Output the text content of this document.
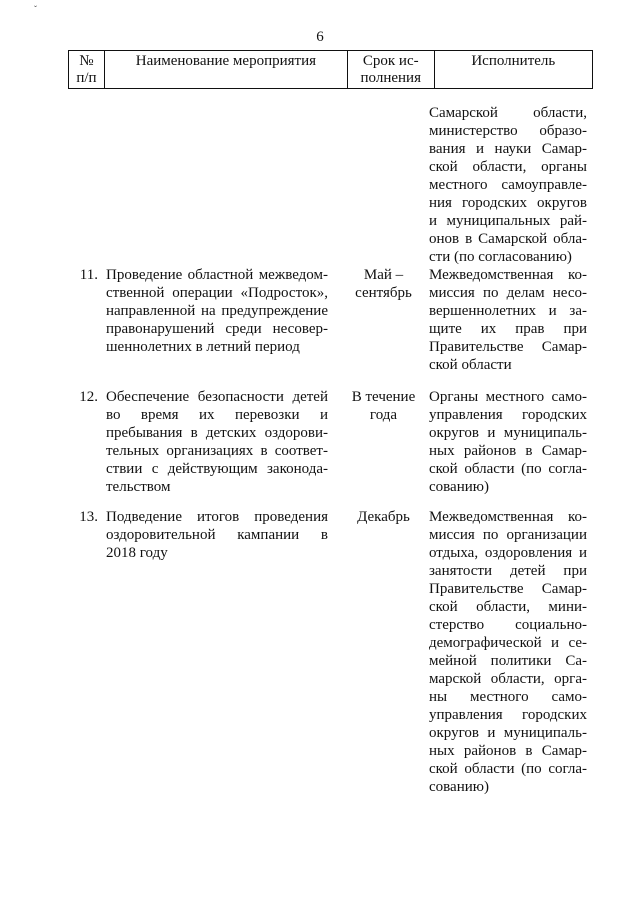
ˇ
6
№
п/п
Наименование мероприятия	Срок ис-
полнения
Исполнитель
Самарской области,
министерство образо-
вания и науки Самар-
ской области, органы
местного самоуправле-
ния городских округов
и муниципальных рай-
онов в Самарской обла-
сти (по согласованию)
11. Проведение областной межведом-
ственной операции «Подросток»,
направленной на предупреждение
правонарушений среди несовер-
шеннолетних в летний период
Май –
сентябрь
Межведомственная ко-
миссия по делам несо-
вершеннолетних и за-
щите их прав при
Правительстве Самар-
ской области
12. Обеспечение безопасности детей
во время их перевозки и
пребывания в детских оздорови-
тельных организациях в соответ-
ствии с действующим законода-
тельством
В течение
года
Органы местного само-
управления городских
округов и муниципаль-
ных районов в Самар-
ской области (по согла-
сованию)
13. Подведение итогов проведения
оздоровительной кампании в
2018 году
Декабрь	Межведомственная ко-
миссия по организации
отдыха, оздоровления и
занятости детей при
Правительстве Самар-
ской области, мини-
стерство социально-
демографической и се-
мейной политики Са-
марской области, орга-
ны местного само-
управления городских
округов и муниципаль-
ных районов в Самар-
ской области (по согла-
сованию)
